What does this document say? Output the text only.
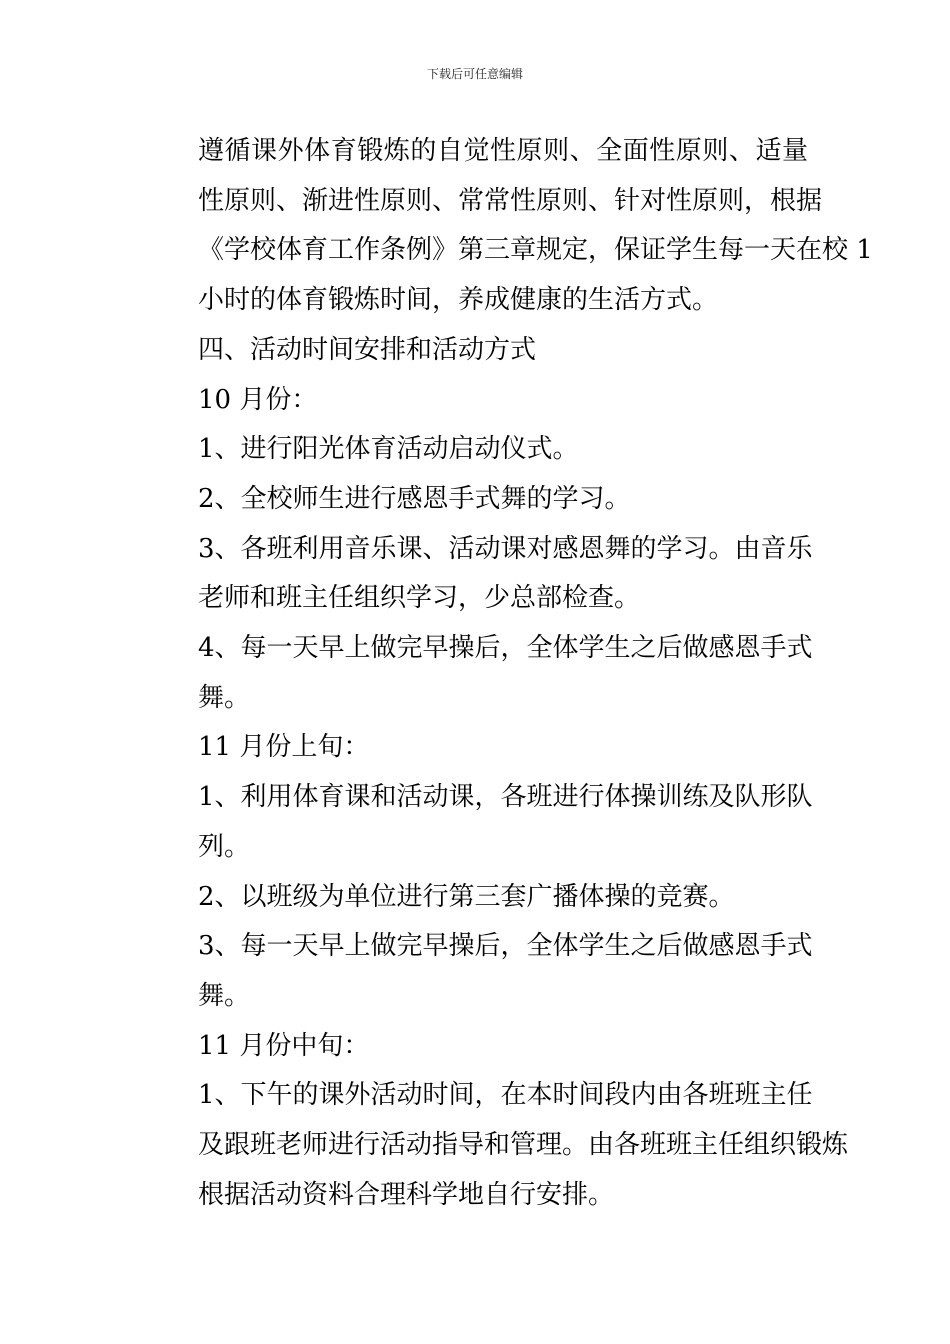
下载后可任意编辑

遵循课外体育锻炼的自觉性原则、全面性原则、适量
性原则、渐进性原则、常常性原则、针对性原则，根据
《学校体育工作条例》第三章规定，保证学生每一天在校 1
小时的体育锻炼时间，养成健康的生活方式。

四、活动时间安排和活动方式

10 月份：

1、进行阳光体育活动启动仪式。

2、全校师生进行感恩手式舞的学习。

3、各班利用音乐课、活动课对感恩舞的学习。由音乐
老师和班主任组织学习，少总部检查。

4、每一天早上做完早操后，全体学生之后做感恩手式
舞。

11 月份上旬：

1、利用体育课和活动课，各班进行体操训练及队形队
列。

2、以班级为单位进行第三套广播体操的竞赛。

3、每一天早上做完早操后，全体学生之后做感恩手式
舞。

11 月份中旬：

1、下午的课外活动时间，在本时间段内由各班班主任
及跟班老师进行活动指导和管理。由各班班主任组织锻炼
根据活动资料合理科学地自行安排。
